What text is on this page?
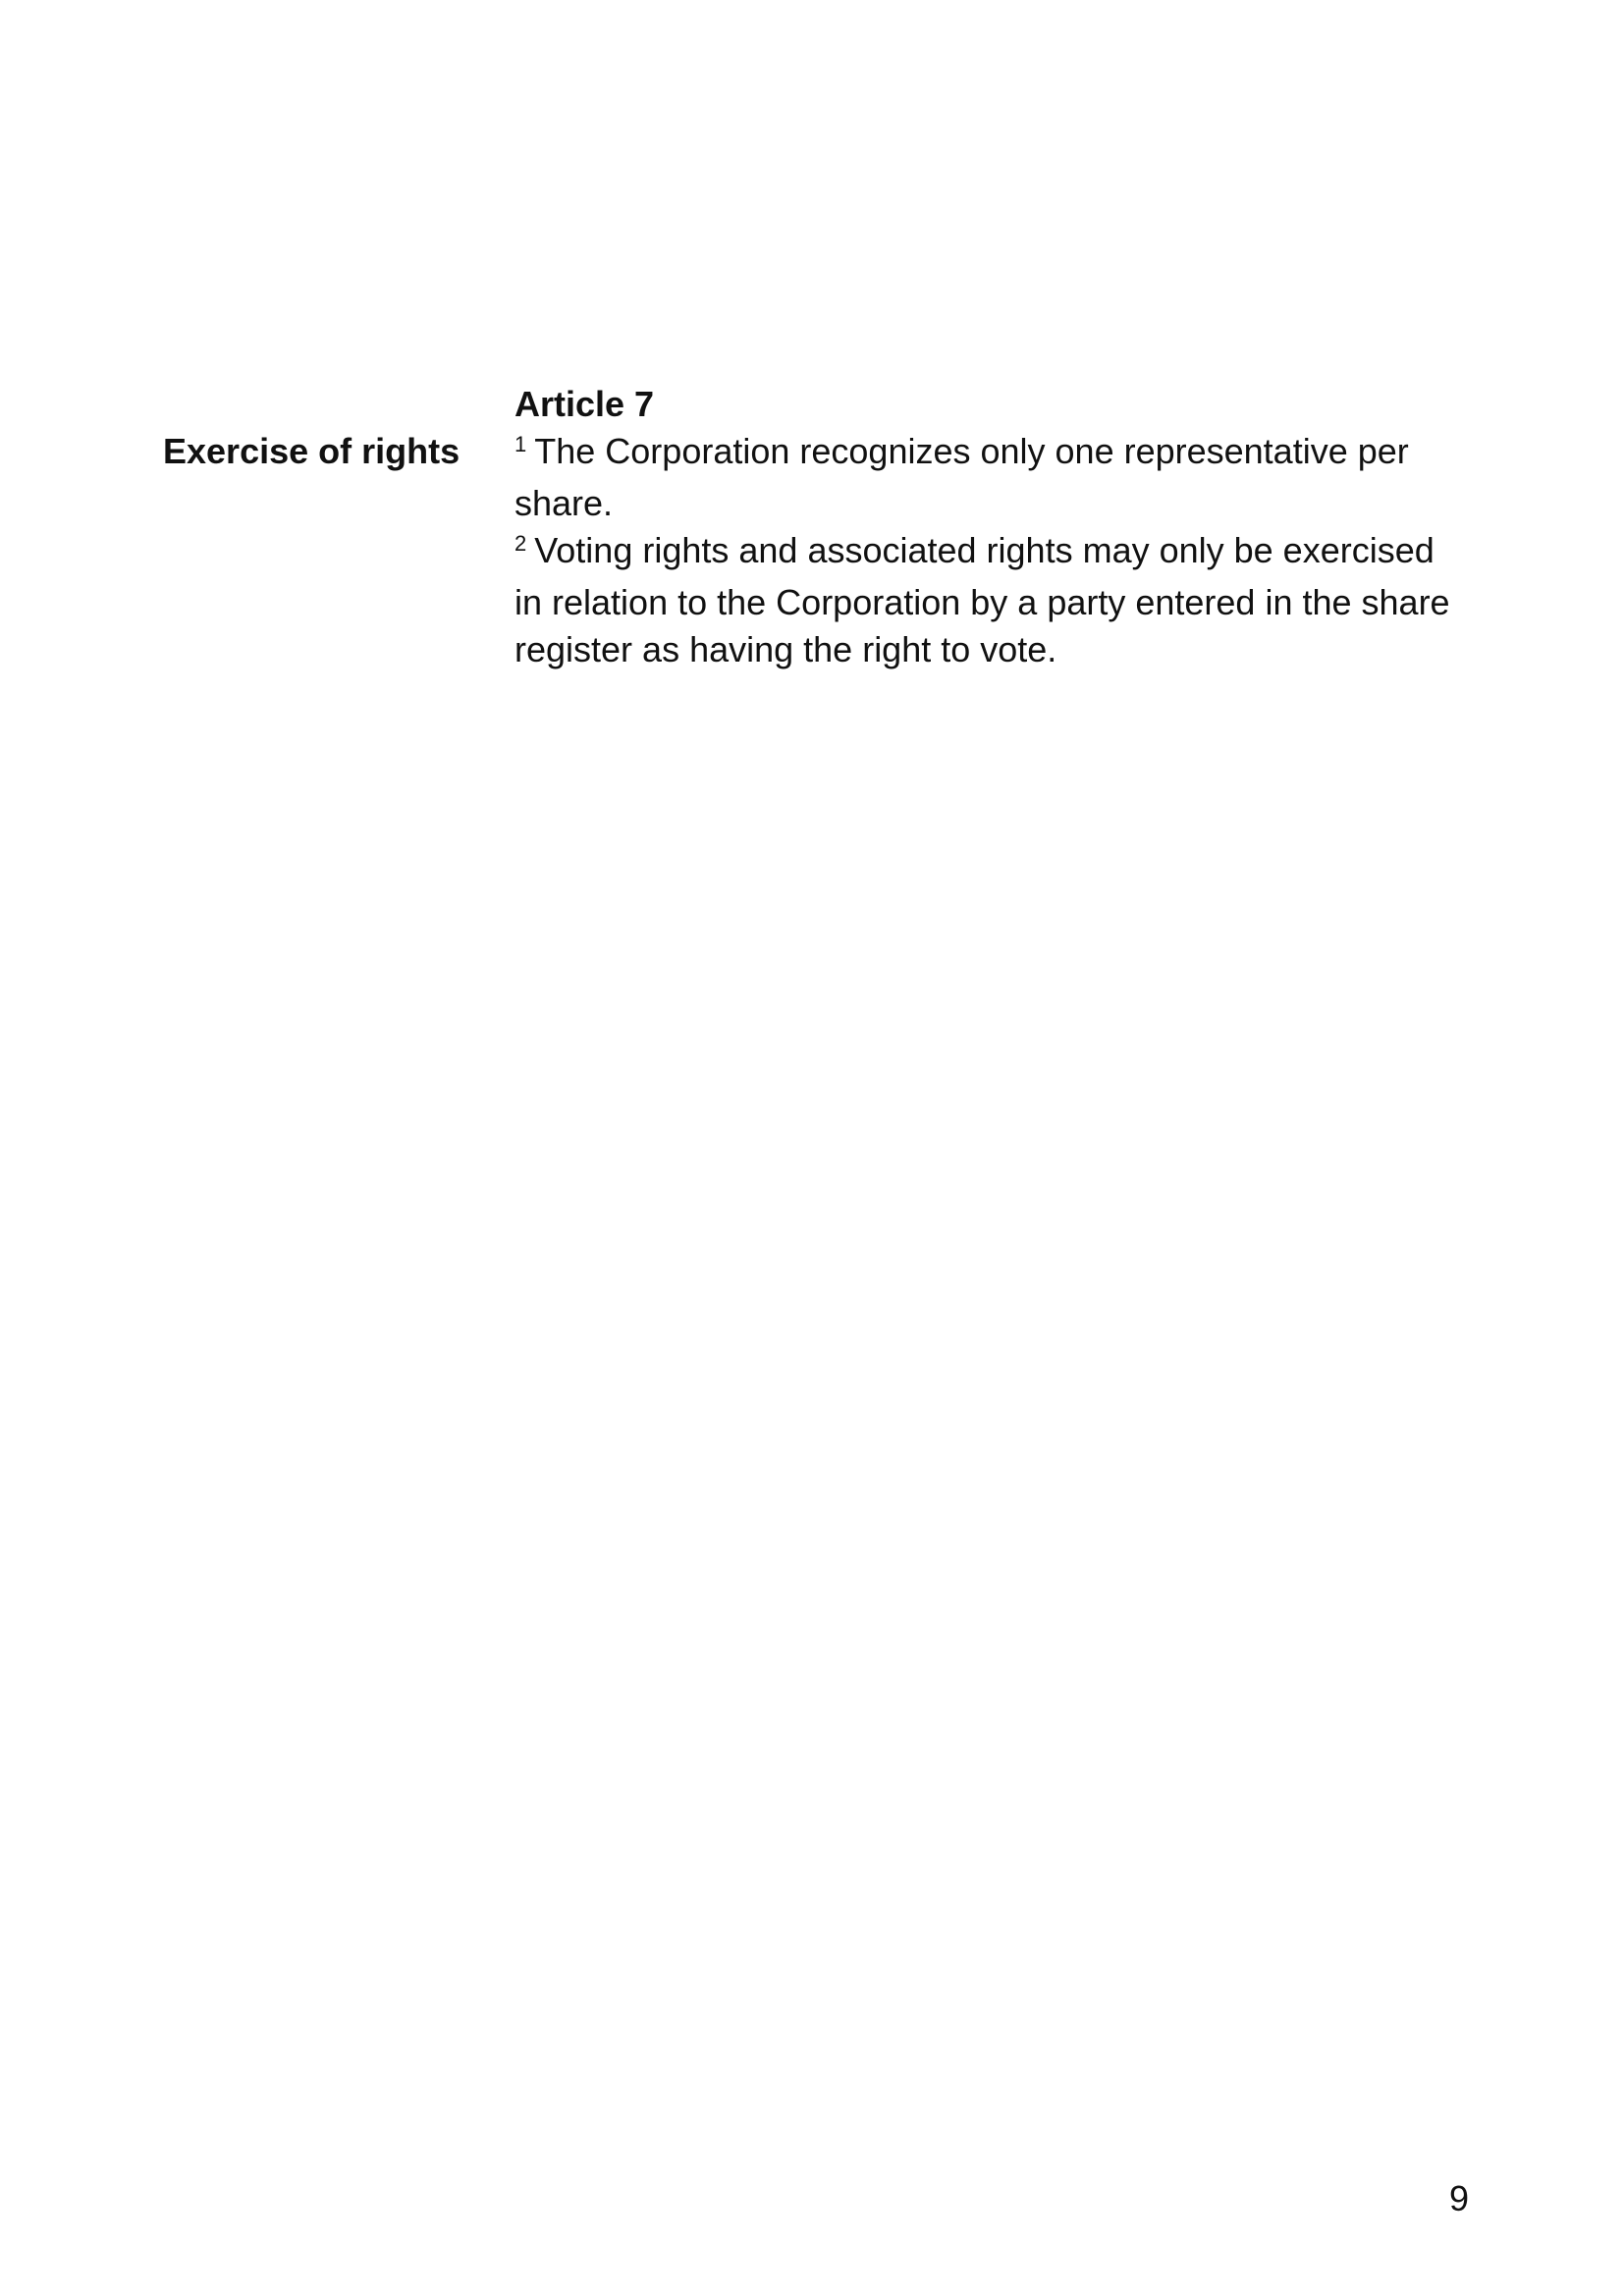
Article 7
Exercise of rights	$^1$ The Corporation recognizes only one representative per share.

$^2$ Voting rights and associated rights may only be exercised in relation to the Corporation by a party entered in the share register as having the right to vote.

9
